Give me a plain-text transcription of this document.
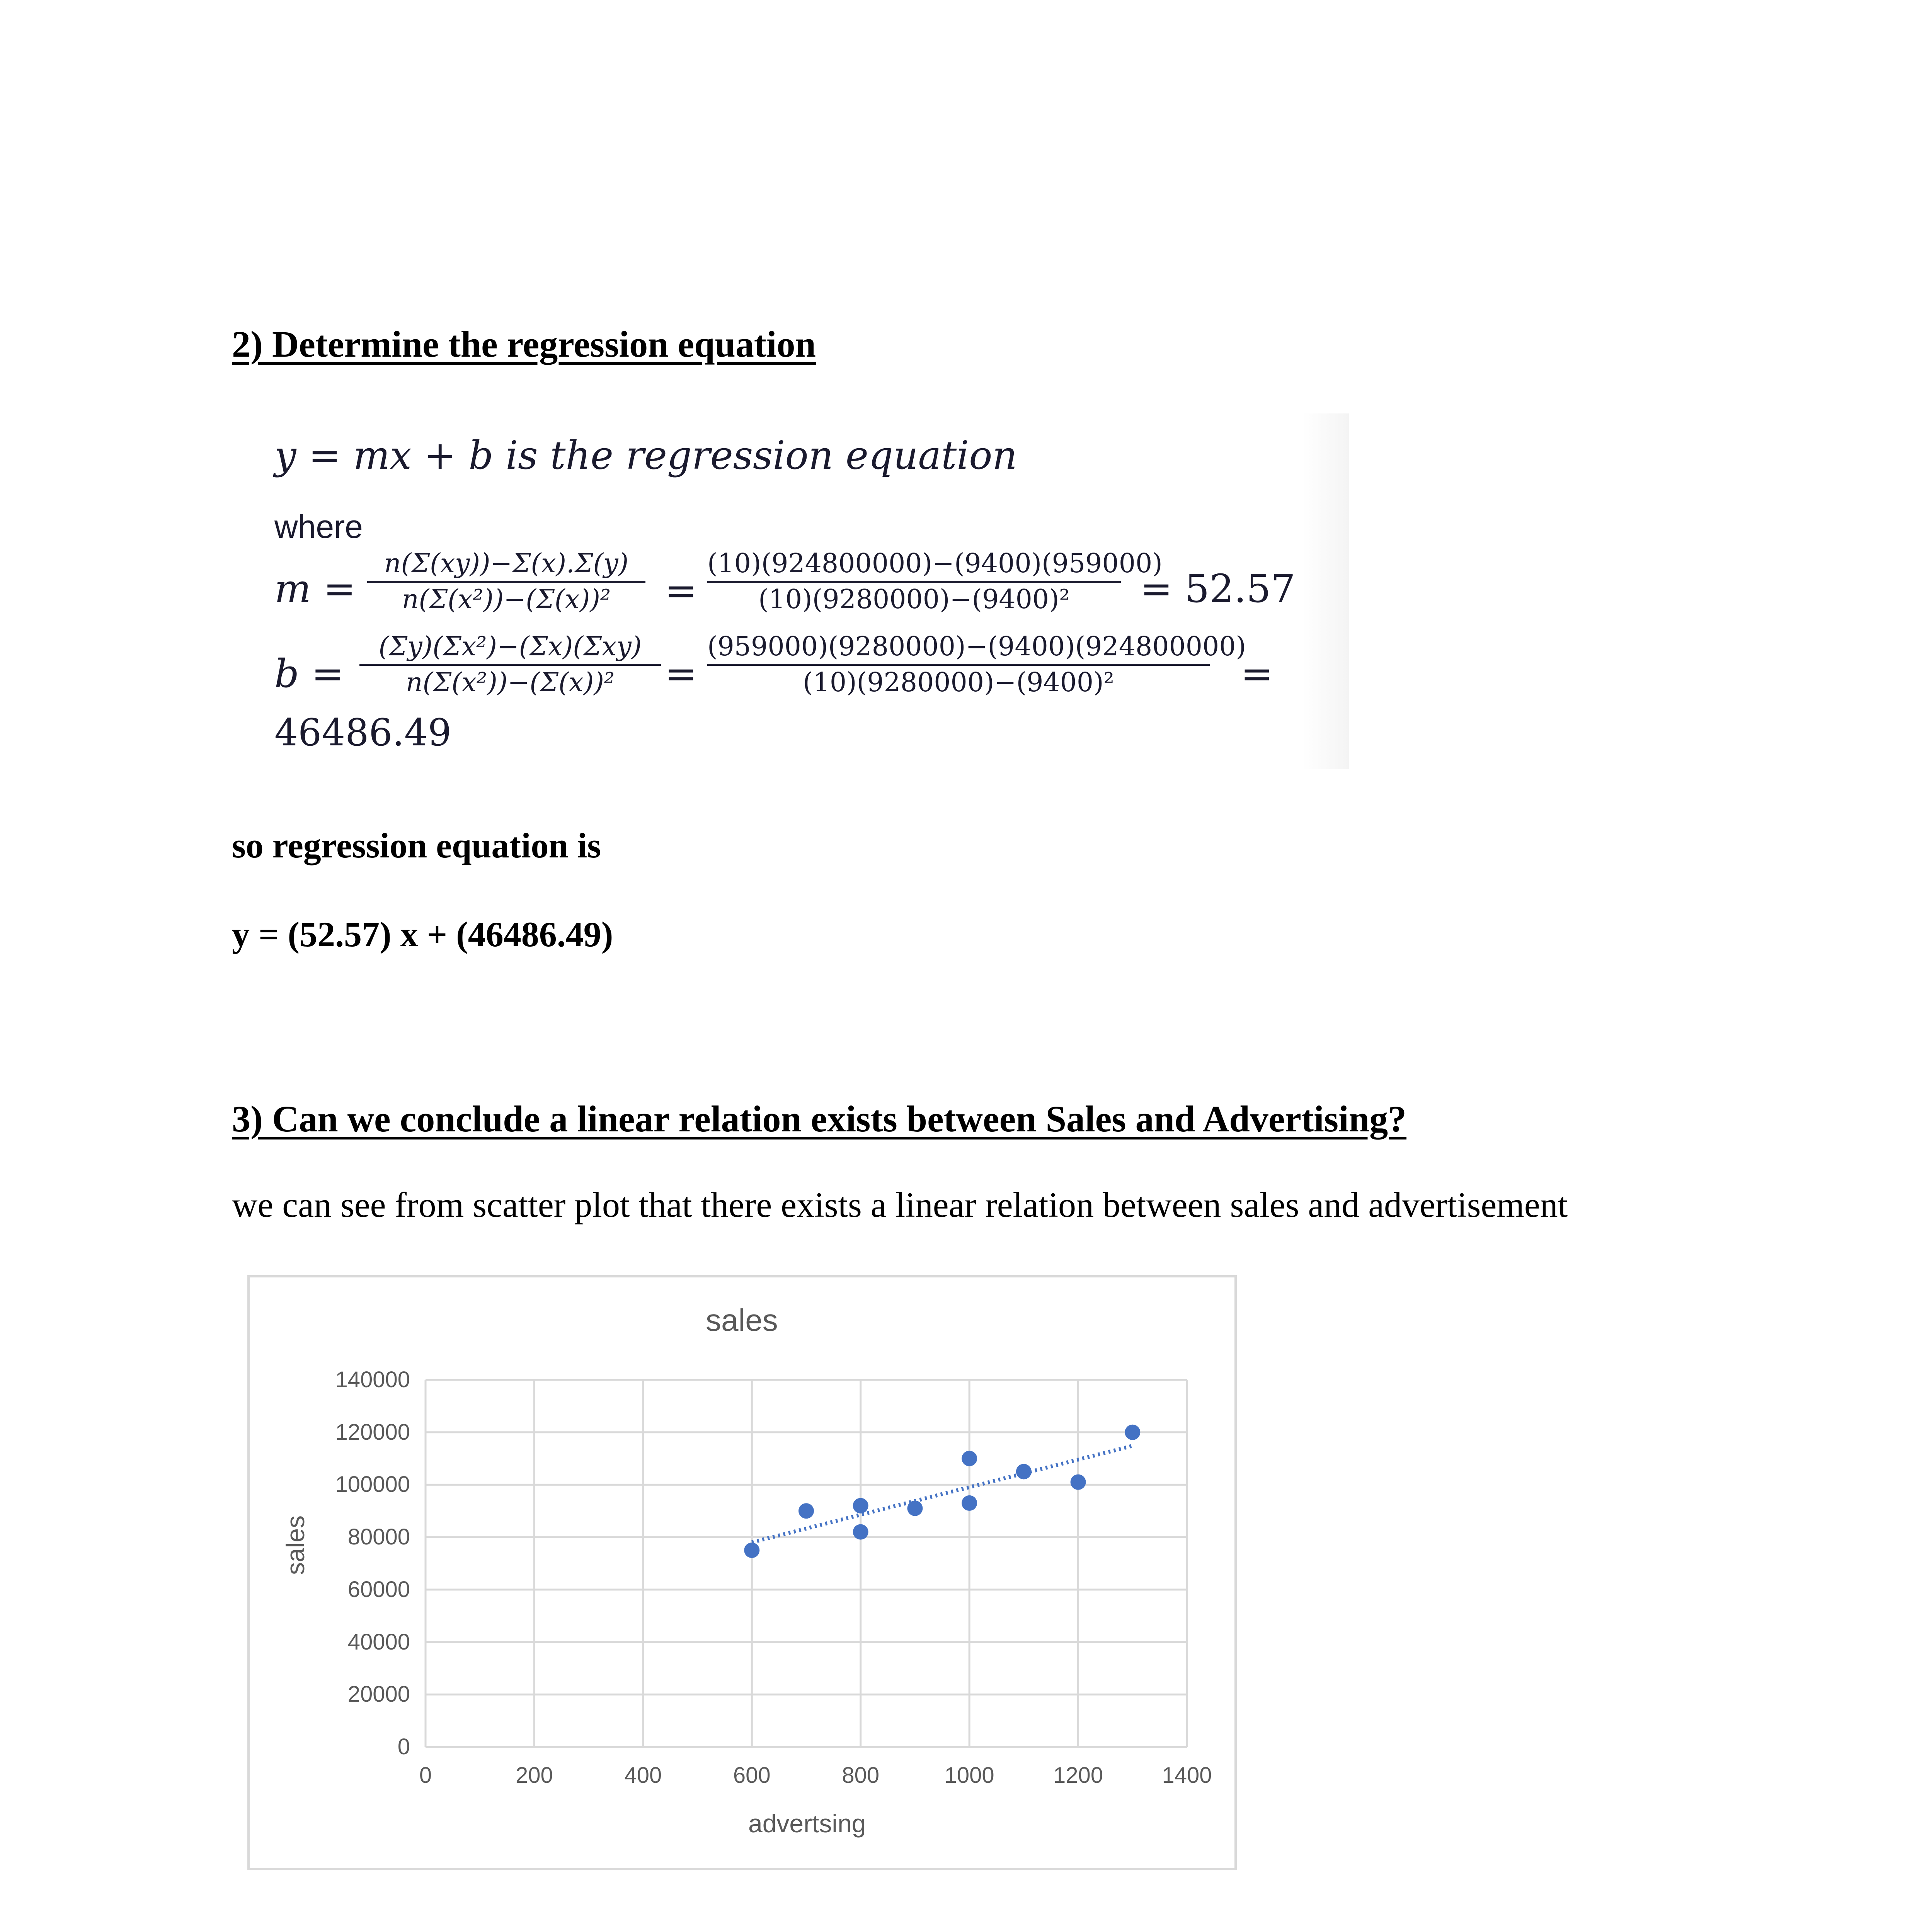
2) Determine the regression equation
y = mx + b is the regression equation
where
m =
n(Σ(xy))−Σ(x).Σ(y)
n(Σ(x²))−(Σ(x))²	=
(10)(924800000)−(9400)(959000)
(10)(9280000)−(9400)²	= 52.57
b =
(Σy)(Σx²)−(Σx)(Σxy)
n(Σ(x²))−(Σ(x))²	=
(959000)(9280000)−(9400)(924800000)
(10)(9280000)−(9400)²	=
46486.49
so regression equation is
y = (52.57) x + (46486.49)
3) Can we conclude a linear relation exists between Sales and Advertising?
we can see from scatter plot that there exists a linear relation between sales and advertisement
sales
0
20000
40000
60000
80000
100000
120000
140000
0	200	400	600	800	1000	1200	1400
sales
advertsing
